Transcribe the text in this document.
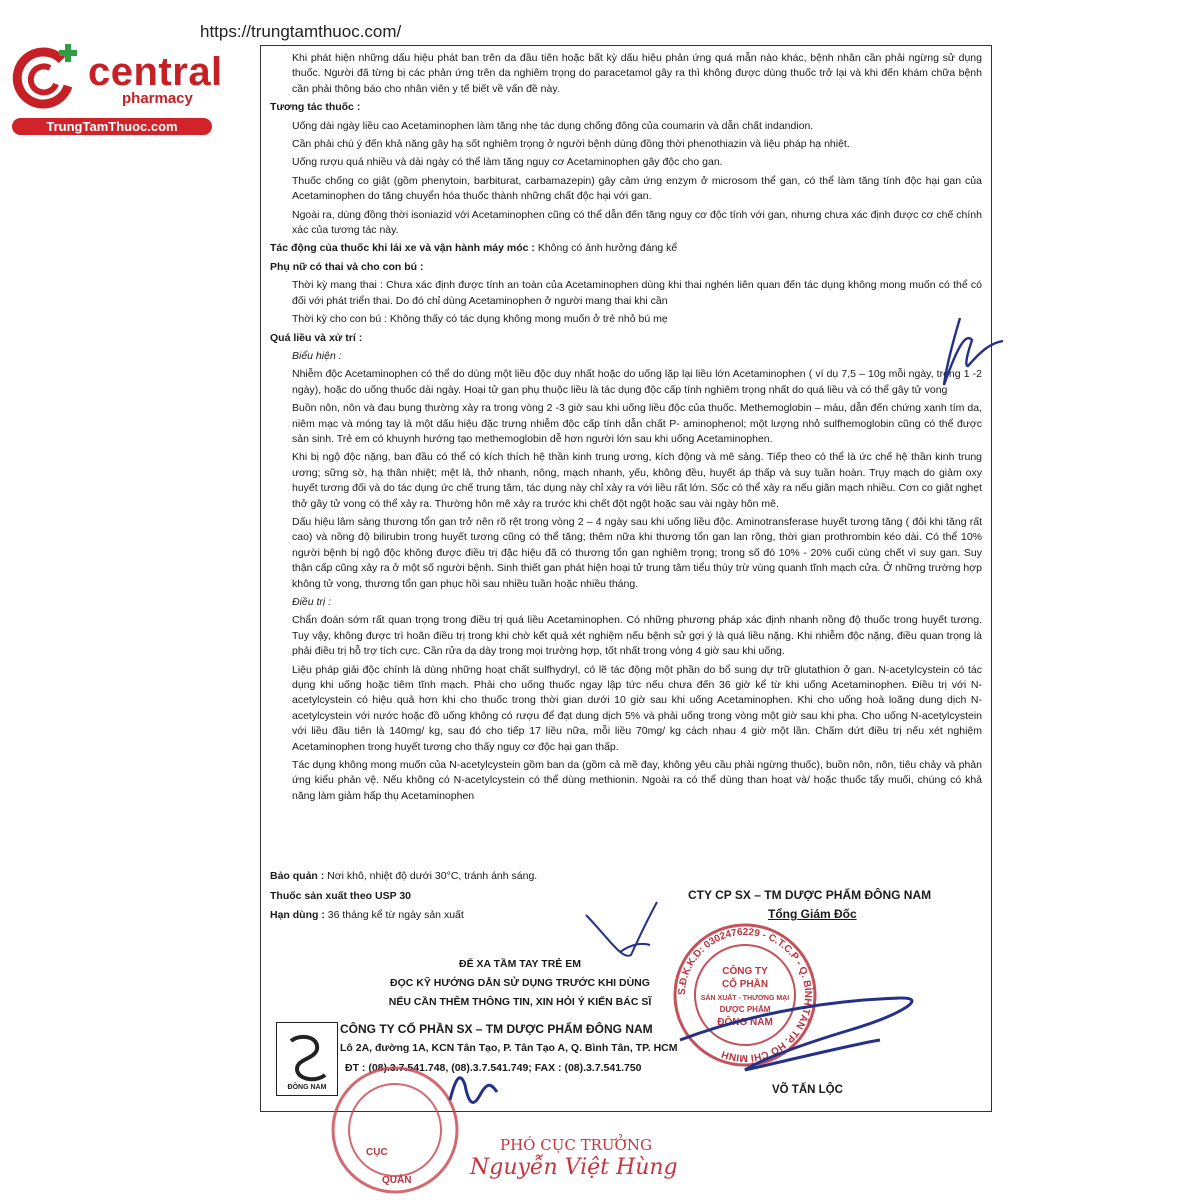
https://trungtamthuoc.com/
central
pharmacy
TrungTamThuoc.com

Khi phát hiện những dấu hiệu phát ban trên da đầu tiên hoặc bất kỳ dấu hiệu phản ứng quá mẫn nào khác, bệnh nhân cần phải ngừng sử dụng thuốc. Người đã từng bị các phản ứng trên da nghiêm trọng do paracetamol gây ra thì không được dùng thuốc trở lại và khi đến khám chữa bệnh cần phải thông báo cho nhân viên y tế biết về vấn đề này.

Tương tác thuốc :

Uống dài ngày liều cao Acetaminophen làm tăng nhẹ tác dụng chống đông của coumarin và dẫn chất indandion.

Cần phải chú ý đến khả năng gây hạ sốt nghiêm trọng ở người bệnh dùng đồng thời phenothiazin và liệu pháp hạ nhiệt.

Uống rượu quá nhiều và dài ngày có thể làm tăng nguy cơ Acetaminophen gây độc cho gan.

Thuốc chống co giật (gồm phenytoin, barbiturat, carbamazepin) gây cảm ứng enzym ở microsom thể gan, có thể làm tăng tính độc hại gan của Acetaminophen do tăng chuyển hóa thuốc thành những chất độc hại với gan.

Ngoài ra, dùng đồng thời isoniazid với Acetaminophen cũng có thể dẫn đến tăng nguy cơ độc tính với gan, nhưng chưa xác định được cơ chế chính xác của tương tác này.

Tác động của thuốc khi lái xe và vận hành máy móc : Không có ảnh hưởng đáng kể

Phụ nữ có thai và cho con bú :

Thời kỳ mang thai : Chưa xác định được tính an toàn của Acetaminophen dùng khi thai nghén liên quan đến tác dụng không mong muốn có thể có đối với phát triển thai. Do đó chỉ dùng Acetaminophen ở người mang thai khi cần

Thời kỳ cho con bú : Không thấy có tác dụng không mong muốn ở trẻ nhỏ bú mẹ

Quá liều và xử trí :

Biểu hiện :

Nhiễm độc Acetaminophen có thể do dùng một liều độc duy nhất hoặc do uống lặp lại liều lớn Acetaminophen ( ví dụ 7,5 – 10g mỗi ngày, trong 1 -2 ngày), hoặc do uống thuốc dài ngày. Hoại tử gan phụ thuộc liều là tác dụng độc cấp tính nghiêm trọng nhất do quá liều và có thể gây tử vong

Buồn nôn, nôn và đau bụng thường xảy ra trong vòng 2 -3 giờ sau khi uống liều độc của thuốc. Methemoglobin – máu, dẫn đến chứng xanh tím da, niêm mạc và móng tay là một dấu hiệu đặc trưng nhiễm độc cấp tính dẫn chất P- aminophenol; một lượng nhỏ sulfhemoglobin cũng có thể được sản sinh. Trẻ em có khuynh hướng tạo methemoglobin dễ hơn người lớn sau khi uống Acetaminophen.

Khi bị ngộ độc nặng, ban đầu có thể có kích thích hệ thần kinh trung ương, kích động và mê sảng. Tiếp theo có thể là ức chế hệ thần kinh trung ương; sững sờ, hạ thân nhiệt; mệt lả, thở nhanh, nông, mạch nhanh, yếu, không đều, huyết áp thấp và suy tuần hoàn. Trụy mạch do giảm oxy huyết tương đối và do tác dụng ức chế trung tâm, tác dụng này chỉ xảy ra với liều rất lớn. Sốc có thể xảy ra nếu giãn mạch nhiều. Cơn co giật nghẹt thở gây tử vong có thể xảy ra. Thường hôn mê xảy ra trước khi chết đột ngột hoặc sau vài ngày hôn mê.

Dấu hiệu lâm sàng thương tổn gan trở nên rõ rệt trong vòng 2 – 4 ngày sau khi uống liều độc. Aminotransferase huyết tương tăng ( đôi khi tăng rất cao) và nồng độ bilirubin trong huyết tương cũng có thể tăng; thêm nữa khi thương tổn gan lan rộng, thời gian prothrombin kéo dài. Có thể 10% người bệnh bị ngộ độc không được điều trị đặc hiệu đã có thương tổn gan nghiêm trọng; trong số đó 10% - 20% cuối cùng chết vì suy gan. Suy thận cấp cũng xảy ra ở một số người bệnh. Sinh thiết gan phát hiện hoại tử trung tâm tiểu thùy trừ vùng quanh tĩnh mạch cửa. Ở những trường hợp không tử vong, thương tổn gan phục hồi sau nhiều tuần hoặc nhiều tháng.

Điều trị :

Chẩn đoán sớm rất quan trọng trong điều trị quá liều Acetaminophen. Có những phương pháp xác định nhanh nồng độ thuốc trong huyết tương. Tuy vậy, không được trì hoãn điều trị trong khi chờ kết quả xét nghiệm nếu bệnh sử gợi ý là quá liều nặng. Khi nhiễm độc nặng, điều quan trọng là phải điều trị hỗ trợ tích cực. Cần rửa dạ dày trong mọi trường hợp, tốt nhất trong vòng 4 giờ sau khi uống.

Liệu pháp giải độc chính là dùng những hoạt chất sulfhydryl, có lẽ tác động một phần do bổ sung dự trữ glutathion ở gan. N-acetylcystein có tác dụng khi uống hoặc tiêm tĩnh mạch. Phải cho uống thuốc ngay lập tức nếu chưa đến 36 giờ kể từ khi uống Acetaminophen. Điều trị với N-acetylcystein có hiệu quả hơn khi cho thuốc trong thời gian dưới 10 giờ sau khi uống Acetaminophen. Khi cho uống hoà loãng dung dịch N-acetylcystein với nước hoặc đồ uống không có rượu để đạt dung dịch 5% và phải uống trong vòng một giờ sau khi pha. Cho uống N-acetylcystein với liều đầu tiên là 140mg/ kg, sau đó cho tiếp 17 liều nữa, mỗi liều 70mg/ kg cách nhau 4 giờ một lần. Chấm dứt điều trị nếu xét nghiệm Acetaminophen trong huyết tương cho thấy nguy cơ độc hại gan thấp.

Tác dụng không mong muốn của N-acetylcystein gồm ban da (gồm cả mề đay, không yêu cầu phải ngừng thuốc), buồn nôn, nôn, tiêu chảy và phản ứng kiểu phản vệ. Nếu không có N-acetylcystein có thể dùng methionin. Ngoài ra có thể dùng than hoạt và/ hoặc thuốc tẩy muối, chúng có khả năng làm giảm hấp thụ Acetaminophen

Bảo quản : Nơi khô, nhiệt độ dưới 30°C, tránh ánh sáng.
Thuốc sản xuất theo USP 30
Hạn dùng : 36 tháng kể từ ngày sản xuất
CTY CP SX – TM DƯỢC PHẨM ĐÔNG NAM
Tổng Giám Đốc
ĐỂ XA TẦM TAY TRẺ EM
ĐỌC KỸ HƯỚNG DẪN SỬ DỤNG TRƯỚC KHI DÙNG
NẾU CẦN THÊM THÔNG TIN, XIN HỎI Ý KIẾN BÁC SĨ
ĐÔNG NAM
CÔNG TY CỔ PHẦN SX – TM DƯỢC PHẨM ĐÔNG NAM
Lô 2A, đường 1A, KCN Tân Tạo, P. Tân Tạo A, Q. Bình Tân, TP. HCM
ĐT : (08).3.7.541.748, (08).3.7.541.749; FAX : (08).3.7.541.750
S.Đ.K.K.D: 0302476229 - C.T.C.P - Q. BÌNH TÂN TP. HỒ CHÍ MINH
CÔNG TY
CỔ PHẦN
SẢN XUẤT - THƯƠNG MẠI
DƯỢC PHẨM
ĐÔNG NAM
CỤC
QUẢN
VÕ TẤN LỘC
PHÓ CỤC TRƯỞNG
Nguyễn Việt Hùng
